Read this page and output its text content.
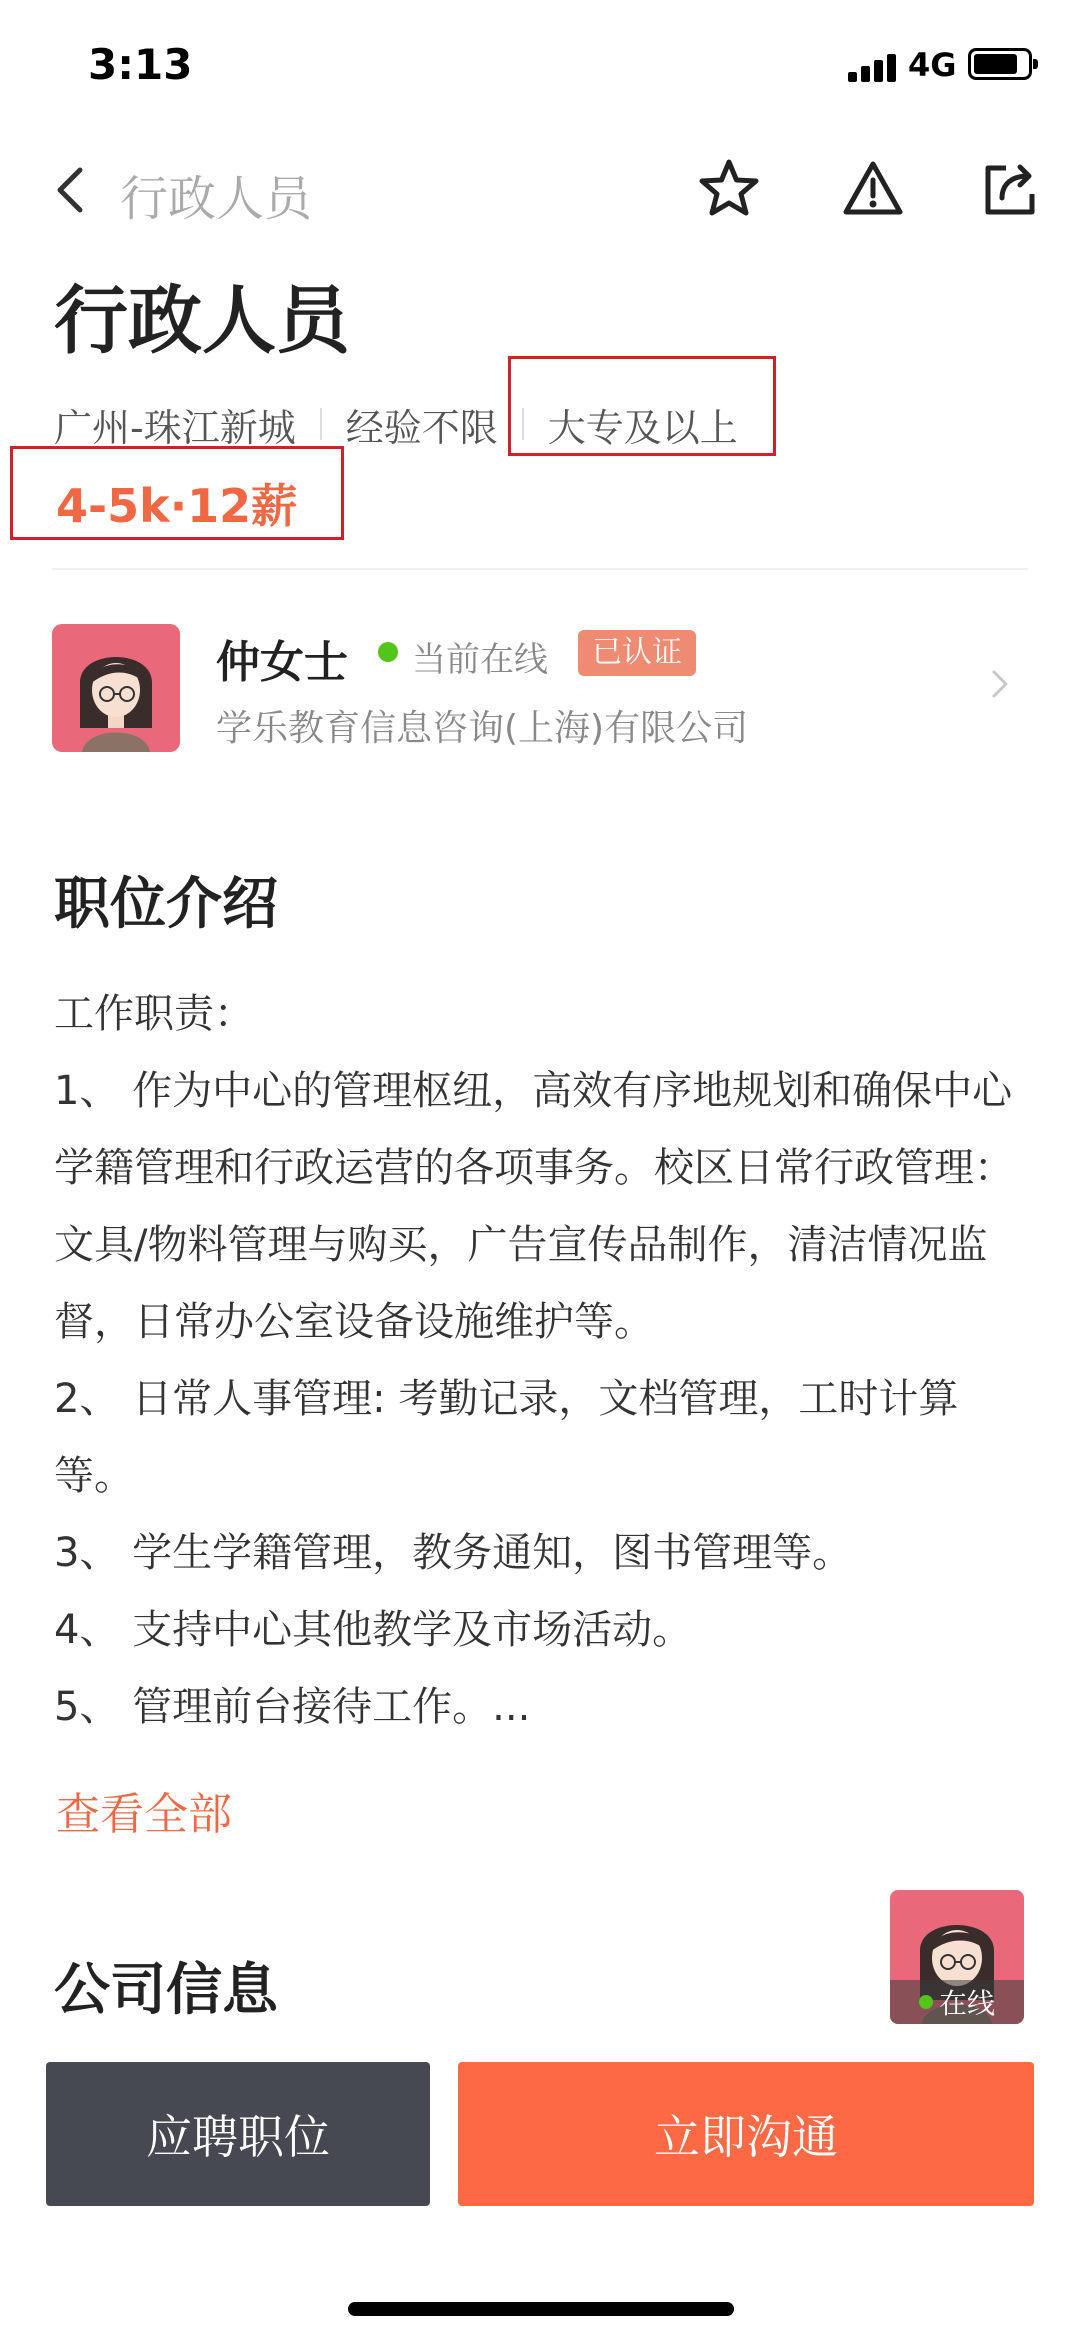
3:13	4G
行政人员
行政人员
广州-珠江新城 经验不限 大专及以上
4-5k·12薪
仲女士 当前在线	已认证
学乐教育信息咨询(上海)有限公司
职位介绍
工作职责：
1、 作为中心的管理枢纽，高效有序地规划和确保中心学籍管理和行政运营的各项事务。校区日常行政管理：文具/物料管理与购买，广告宣传品制作，清洁情况监督，日常办公室设备设施维护等。
2、 日常人事管理: 考勤记录，文档管理，工时计算等。
3、 学生学籍管理，教务通知，图书管理等。
4、 支持中心其他教学及市场活动。
5、 管理前台接待工作。...
查看全部
公司信息	在线
应聘职位	立即沟通
